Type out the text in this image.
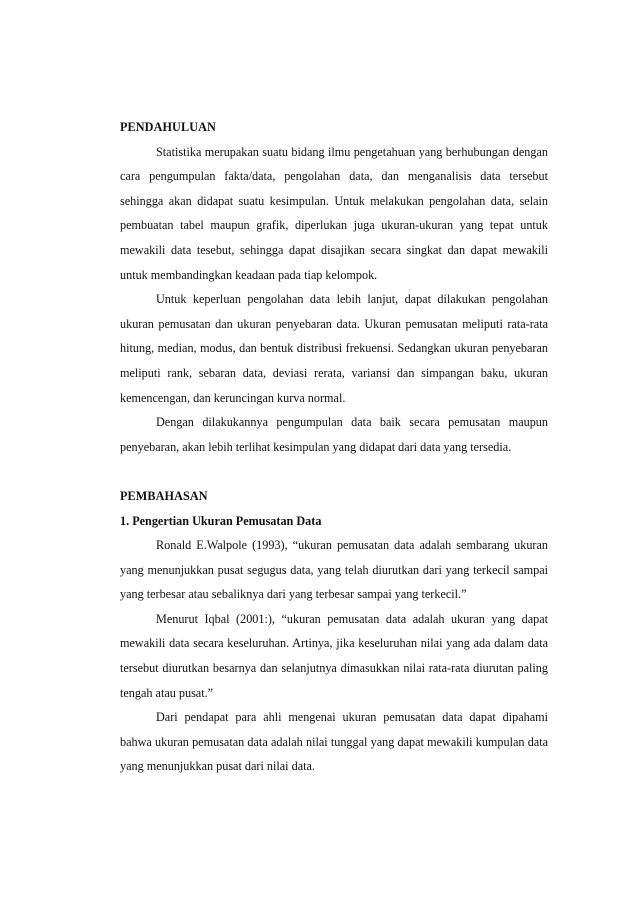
PENDAHULUAN

Statistika merupakan suatu bidang ilmu pengetahuan yang berhubungan dengan cara pengumpulan fakta/data, pengolahan data, dan menganalisis data tersebut sehingga akan didapat suatu kesimpulan. Untuk melakukan pengolahan data, selain pembuatan tabel maupun grafik, diperlukan juga ukuran-ukuran yang tepat untuk mewakili data tesebut, sehingga dapat disajikan secara singkat dan dapat mewakili untuk membandingkan keadaan pada tiap kelompok.

Untuk keperluan pengolahan data lebih lanjut, dapat dilakukan pengolahan ukuran pemusatan dan ukuran penyebaran data. Ukuran pemusatan meliputi rata-rata hitung, median, modus, dan bentuk distribusi frekuensi. Sedangkan ukuran penyebaran meliputi rank, sebaran data, deviasi rerata, variansi dan simpangan baku, ukuran kemencengan, dan keruncingan kurva normal.

Dengan dilakukannya pengumpulan data baik secara pemusatan maupun penyebaran, akan lebih terlihat kesimpulan yang didapat dari data yang tersedia.

PEMBAHASAN
1. Pengertian Ukuran Pemusatan Data

Ronald E.Walpole (1993), “ukuran pemusatan data adalah sembarang ukuran yang menunjukkan pusat segugus data, yang telah diurutkan dari yang terkecil sampai yang terbesar atau sebaliknya dari yang terbesar sampai yang terkecil.”

Menurut Iqbal (2001:), “ukuran pemusatan data adalah ukuran yang dapat mewakili data secara keseluruhan. Artinya, jika keseluruhan nilai yang ada dalam data tersebut diurutkan besarnya dan selanjutnya dimasukkan nilai rata-rata diurutan paling tengah atau pusat.”

Dari pendapat para ahli mengenai ukuran pemusatan data dapat dipahami bahwa ukuran pemusatan data adalah nilai tunggal yang dapat mewakili kumpulan data yang menunjukkan pusat dari nilai data.
